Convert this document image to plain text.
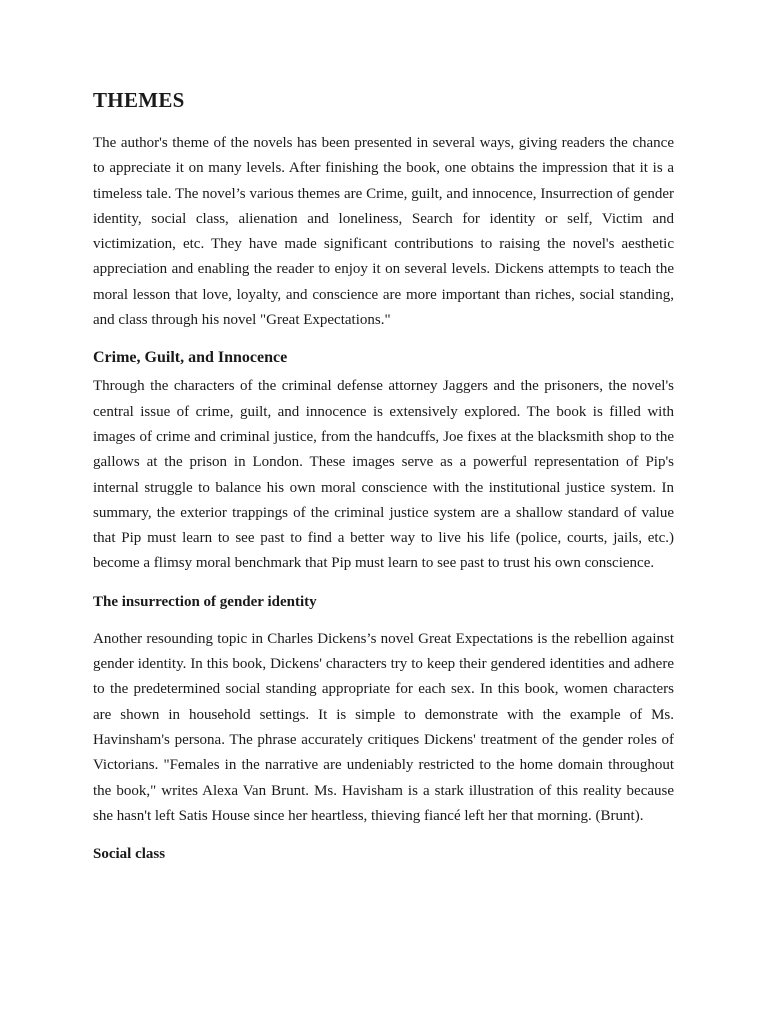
THEMES

The author's theme of the novels has been presented in several ways, giving readers the chance to appreciate it on many levels. After finishing the book, one obtains the impression that it is a timeless tale. The novel’s various themes are Crime, guilt, and innocence, Insurrection of gender identity, social class, alienation and loneliness, Search for identity or self, Victim and victimization, etc. They have made significant contributions to raising the novel's aesthetic appreciation and enabling the reader to enjoy it on several levels. Dickens attempts to teach the moral lesson that love, loyalty, and conscience are more important than riches, social standing, and class through his novel "Great Expectations."

Crime, Guilt, and Innocence

Through the characters of the criminal defense attorney Jaggers and the prisoners, the novel's central issue of crime, guilt, and innocence is extensively explored. The book is filled with images of crime and criminal justice, from the handcuffs, Joe fixes at the blacksmith shop to the gallows at the prison in London. These images serve as a powerful representation of Pip's internal struggle to balance his own moral conscience with the institutional justice system. In summary, the exterior trappings of the criminal justice system are a shallow standard of value that Pip must learn to see past to find a better way to live his life (police, courts, jails, etc.) become a flimsy moral benchmark that Pip must learn to see past to trust his own conscience.

The insurrection of gender identity

Another resounding topic in Charles Dickens’s novel Great Expectations is the rebellion against gender identity. In this book, Dickens' characters try to keep their gendered identities and adhere to the predetermined social standing appropriate for each sex. In this book, women characters are shown in household settings. It is simple to demonstrate with the example of Ms. Havinsham's persona. The phrase accurately critiques Dickens' treatment of the gender roles of Victorians. "Females in the narrative are undeniably restricted to the home domain throughout the book," writes Alexa Van Brunt. Ms. Havisham is a stark illustration of this reality because she hasn't left Satis House since her heartless, thieving fiancé left her that morning. (Brunt).

Social class
